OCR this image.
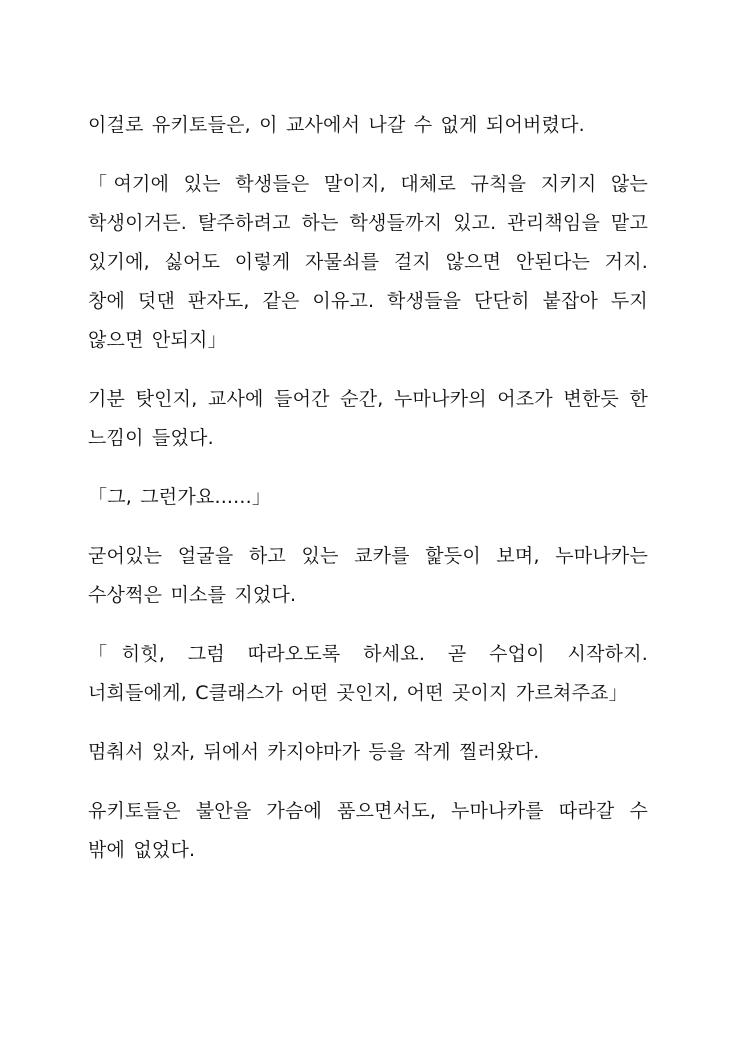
이걸로 유키토들은, 이 교사에서 나갈 수 없게 되어버렸다.

「여기에 있는 학생들은 말이지, 대체로 규칙을 지키지 않는 학생이거든. 탈주하려고 하는 학생들까지 있고. 관리책임을 맡고 있기에, 싫어도 이렇게 자물쇠를 걸지 않으면 안된다는 거지. 창에 덧댄 판자도, 같은 이유고. 학생들을 단단히 붙잡아 두지 않으면 안되지」

기분 탓인지, 교사에 들어간 순간, 누마나카의 어조가 변한듯 한 느낌이 들었다.

「그, 그런가요......」

굳어있는 얼굴을 하고 있는 쿄카를 핥듯이 보며, 누마나카는 수상쩍은 미소를 지었다.

「히힛, 그럼 따라오도록 하세요. 곧 수업이 시작하지. 너희들에게, C클래스가 어떤 곳인지, 어떤 곳이지 가르쳐주죠」

멈춰서 있자, 뒤에서 카지야마가 등을 작게 찔러왔다.

유키토들은 불안을 가슴에 품으면서도, 누마나카를 따라갈 수 밖에 없었다.
